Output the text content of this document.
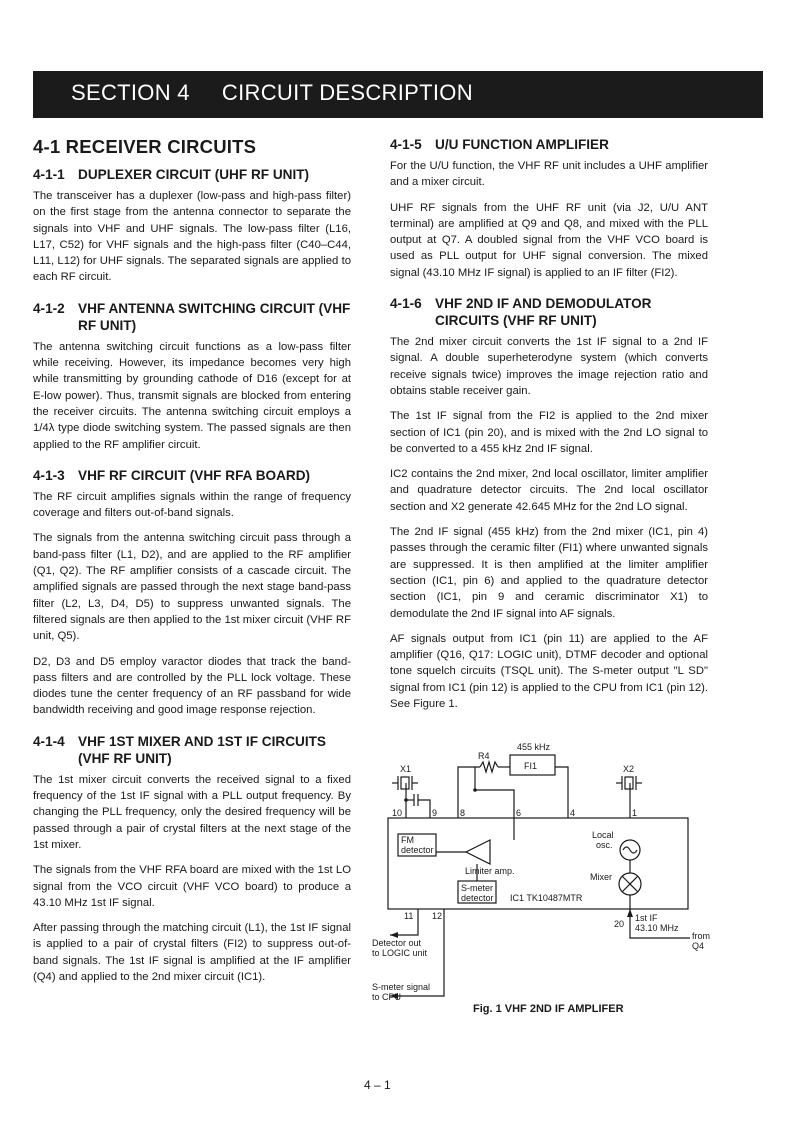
SECTION 4 CIRCUIT DESCRIPTION
4-1 RECEIVER CIRCUITS
4-1-1 DUPLEXER CIRCUIT (UHF RF UNIT)

The transceiver has a duplexer (low-pass and high-pass filter) on the first stage from the antenna connector to separate the signals into VHF and UHF signals. The low-pass filter (L16, L17, C52) for VHF signals and the high-pass filter (C40–C44, L11, L12) for UHF signals. The separated signals are applied to each RF circuit.

4-1-2 VHF ANTENNA SWITCHING CIRCUIT (VHF RF UNIT)

The antenna switching circuit functions as a low-pass filter while receiving. However, its impedance becomes very high while transmitting by grounding cathode of D16 (except for at E-low power). Thus, transmit signals are blocked from entering the receiver circuits. The antenna switching circuit employs a 1/4λ type diode switching system. The passed signals are then applied to the RF amplifier circuit.

4-1-3 VHF RF CIRCUIT (VHF RFA BOARD)

The RF circuit amplifies signals within the range of frequency coverage and filters out-of-band signals.

The signals from the antenna switching circuit pass through a band-pass filter (L1, D2), and are applied to the RF amplifier (Q1, Q2). The RF amplifier consists of a cascade circuit. The amplified signals are passed through the next stage band-pass filter (L2, L3, D4, D5) to suppress unwanted signals. The filtered signals are then applied to the 1st mixer circuit (VHF RF unit, Q5).

D2, D3 and D5 employ varactor diodes that track the band-pass filters and are controlled by the PLL lock voltage. These diodes tune the center frequency of an RF passband for wide bandwidth receiving and good image response rejection.

4-1-4 VHF 1ST MIXER AND 1ST IF CIRCUITS (VHF RF UNIT)

The 1st mixer circuit converts the received signal to a fixed frequency of the 1st IF signal with a PLL output frequency. By changing the PLL frequency, only the desired frequency will be passed through a pair of crystal filters at the next stage of the 1st mixer.

The signals from the VHF RFA board are mixed with the 1st LO signal from the VCO circuit (VHF VCO board) to produce a 43.10 MHz 1st IF signal.

After passing through the matching circuit (L1), the 1st IF signal is applied to a pair of crystal filters (FI2) to suppress out-of-band signals. The 1st IF signal is amplified at the IF amplifier (Q4) and applied to the 2nd mixer circuit (IC1).

4-1-5 U/U FUNCTION AMPLIFIER

For the U/U function, the VHF RF unit includes a UHF amplifier and a mixer circuit.

UHF RF signals from the UHF RF unit (via J2, U/U ANT terminal) are amplified at Q9 and Q8, and mixed with the PLL output at Q7. A doubled signal from the VHF VCO board is used as PLL output for UHF signal conversion. The mixed signal (43.10 MHz IF signal) is applied to an IF filter (FI2).

4-1-6 VHF 2ND IF AND DEMODULATOR CIRCUITS (VHF RF UNIT)

The 2nd mixer circuit converts the 1st IF signal to a 2nd IF signal. A double superheterodyne system (which converts receive signals twice) improves the image rejection ratio and obtains stable receiver gain.

The 1st IF signal from the FI2 is applied to the 2nd mixer section of IC1 (pin 20), and is mixed with the 2nd LO signal to be converted to a 455 kHz 2nd IF signal.

IC2 contains the 2nd mixer, 2nd local oscillator, limiter amplifier and quadrature detector circuits. The 2nd local oscillator section and X2 generate 42.645 MHz for the 2nd LO signal.

The 2nd IF signal (455 kHz) from the 2nd mixer (IC1, pin 4) passes through the ceramic filter (FI1) where unwanted signals are suppressed. It is then amplified at the limiter amplifier section (IC1, pin 6) and applied to the quadrature detector section (IC1, pin 9 and ceramic discriminator X1) to demodulate the 2nd IF signal into AF signals.

AF signals output from IC1 (pin 11) are applied to the AF amplifier (Q16, Q17: LOGIC unit), DTMF decoder and optional tone squelch circuits (TSQL unit). The S-meter output "L SD" signal from IC1 (pin 12) is applied to the CPU from IC1 (pin 12). See Figure 1.

455 kHz
R4
FI1
X1	X2
10	9	8	6	4	1
11 12
20
FM
detector
Local
osc.
Limiter amp.
Mixer
S-meter
detector IC1 TK10487MTR
1st IF
43.10 MHz
from
Q4
Detector out
to LOGIC unit
S-meter signal
to CPU
Fig. 1 VHF 2ND IF AMPLIFER
4 – 1
